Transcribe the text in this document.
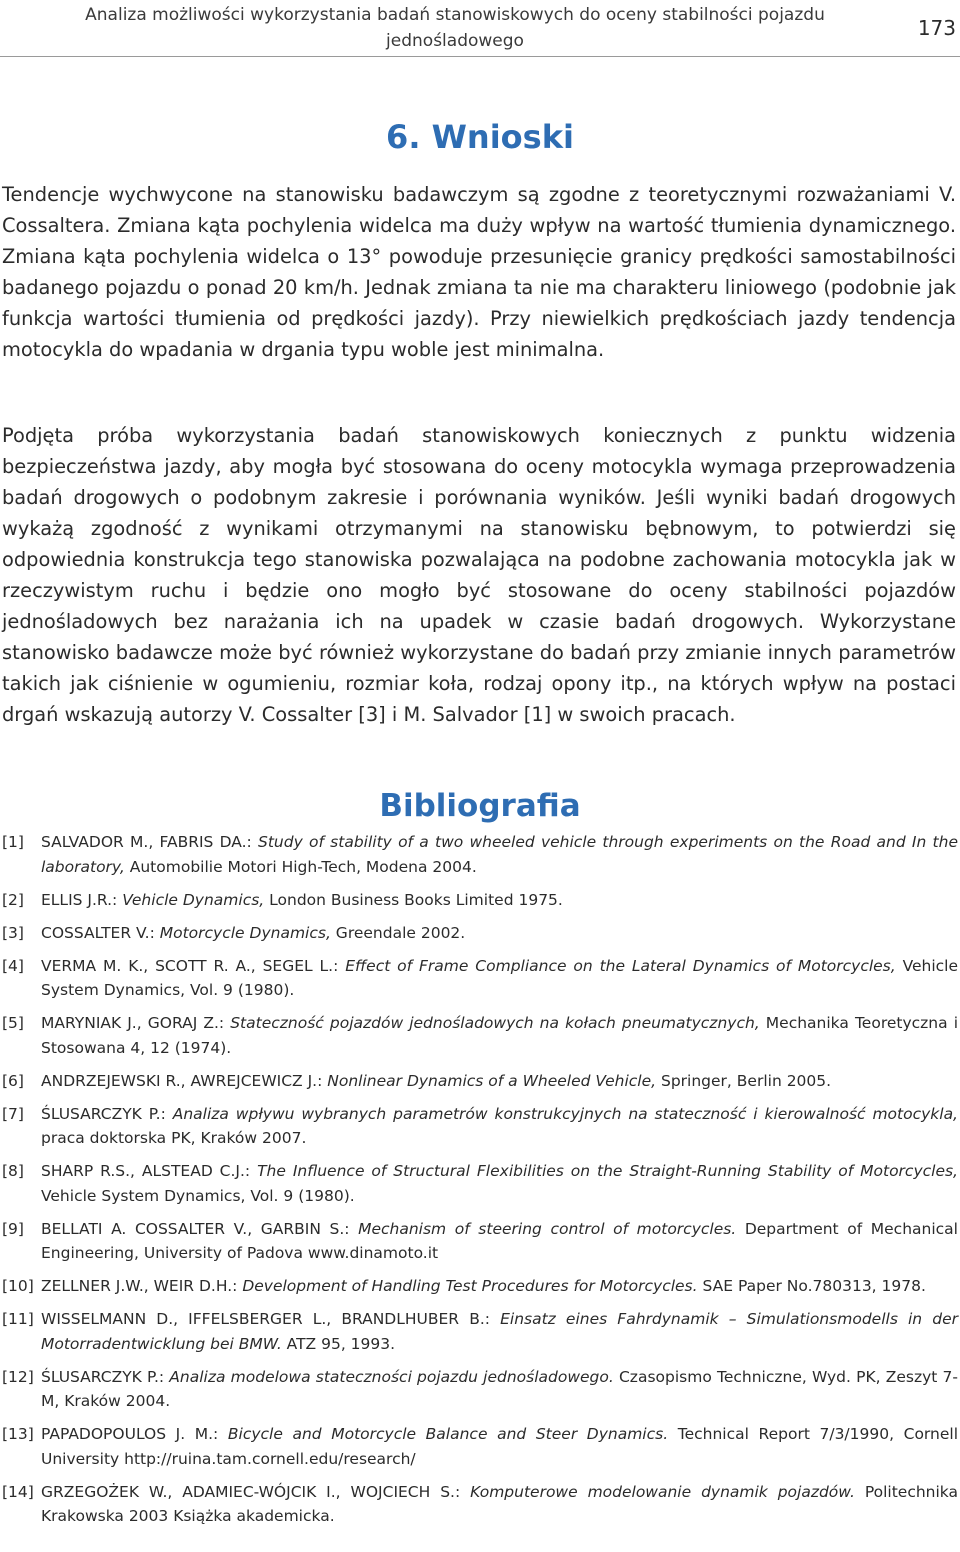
Analiza możliwości wykorzystania badań stanowiskowych do oceny stabilności pojazdu jednośladowego
173
6. Wnioski

Tendencje wychwycone na stanowisku badawczym są zgodne z teoretycznymi rozważaniami V. Cossaltera. Zmiana kąta pochylenia widelca ma duży wpływ na wartość tłumienia dynamicznego. Zmiana kąta pochylenia widelca o 13° powoduje przesunięcie granicy prędkości samostabilności badanego pojazdu o ponad 20 km/h. Jednak zmiana ta nie ma charakteru liniowego (podobnie jak funkcja wartości tłumienia od prędkości jazdy). Przy niewielkich prędkościach jazdy tendencja motocykla do wpadania w drgania typu woble jest minimalna.

Podjęta próba wykorzystania badań stanowiskowych koniecznych z punktu widzenia bezpieczeństwa jazdy, aby mogła być stosowana do oceny motocykla wymaga przeprowadzenia badań drogowych o podobnym zakresie i porównania wyników. Jeśli wyniki badań drogowych wykażą zgodność z wynikami otrzymanymi na stanowisku bębnowym, to potwierdzi się odpowiednia konstrukcja tego stanowiska pozwalająca na podobne zachowania motocykla jak w rzeczywistym ruchu i będzie ono mogło być stosowane do oceny stabilności pojazdów jednośladowych bez narażania ich na upadek w czasie badań drogowych. Wykorzystane stanowisko badawcze może być również wykorzystane do badań przy zmianie innych parametrów takich jak ciśnienie w ogumieniu, rozmiar koła, rodzaj opony itp., na których wpływ na postaci drgań wskazują autorzy V. Cossalter [3] i M. Salvador [1] w swoich pracach.

Bibliografia
[1]	SALVADOR M., FABRIS DA.: Study of stability of a two wheeled vehicle through experiments on the Road and In the laboratory, Automobilie Motori High-Tech, Modena 2004.
[2]	ELLIS J.R.: Vehicle Dynamics, London Business Books Limited 1975.
[3]	COSSALTER V.: Motorcycle Dynamics, Greendale 2002.
[4]	VERMA M. K., SCOTT R. A., SEGEL L.: Effect of Frame Compliance on the Lateral Dynamics of Motorcycles, Vehicle System Dynamics, Vol. 9 (1980).
[5]	MARYNIAK J., GORAJ Z.: Stateczność pojazdów jednośladowych na kołach pneumatycznych, Mechanika Teoretyczna i Stosowana 4, 12 (1974).
[6]	ANDRZEJEWSKI R., AWREJCEWICZ J.: Nonlinear Dynamics of a Wheeled Vehicle, Springer, Berlin 2005.
[7]	ŚLUSARCZYK P.: Analiza wpływu wybranych parametrów konstrukcyjnych na stateczność i kierowalność motocykla, praca doktorska PK, Kraków 2007.
[8]	SHARP R.S., ALSTEAD C.J.: The Influence of Structural Flexibilities on the Straight-Running Stability of Motorcycles, Vehicle System Dynamics, Vol. 9 (1980).
[9]	BELLATI A. COSSALTER V., GARBIN S.: Mechanism of steering control of motorcycles. Department of Mechanical Engineering, University of Padova www.dinamoto.it
[10] ZELLNER J.W., WEIR D.H.: Development of Handling Test Procedures for Motorcycles. SAE Paper No.780313, 1978.
[11] WISSELMANN D., IFFELSBERGER L., BRANDLHUBER B.: Einsatz eines Fahrdynamik – Simulationsmodells in der Motorradentwicklung bei BMW. ATZ 95, 1993.
[12] ŚLUSARCZYK P.: Analiza modelowa stateczności pojazdu jednośladowego. Czasopismo Techniczne, Wyd. PK, Zeszyt 7-M, Kraków 2004.
[13] PAPADOPOULOS J. M.: Bicycle and Motorcycle Balance and Steer Dynamics. Technical Report 7/3/1990, Cornell University http://ruina.tam.cornell.edu/research/
[14] GRZEGOŻEK W., ADAMIEC-WÓJCIK I., WOJCIECH S.: Komputerowe modelowanie dynamik pojazdów. Politechnika Krakowska 2003 Książka akademicka.
